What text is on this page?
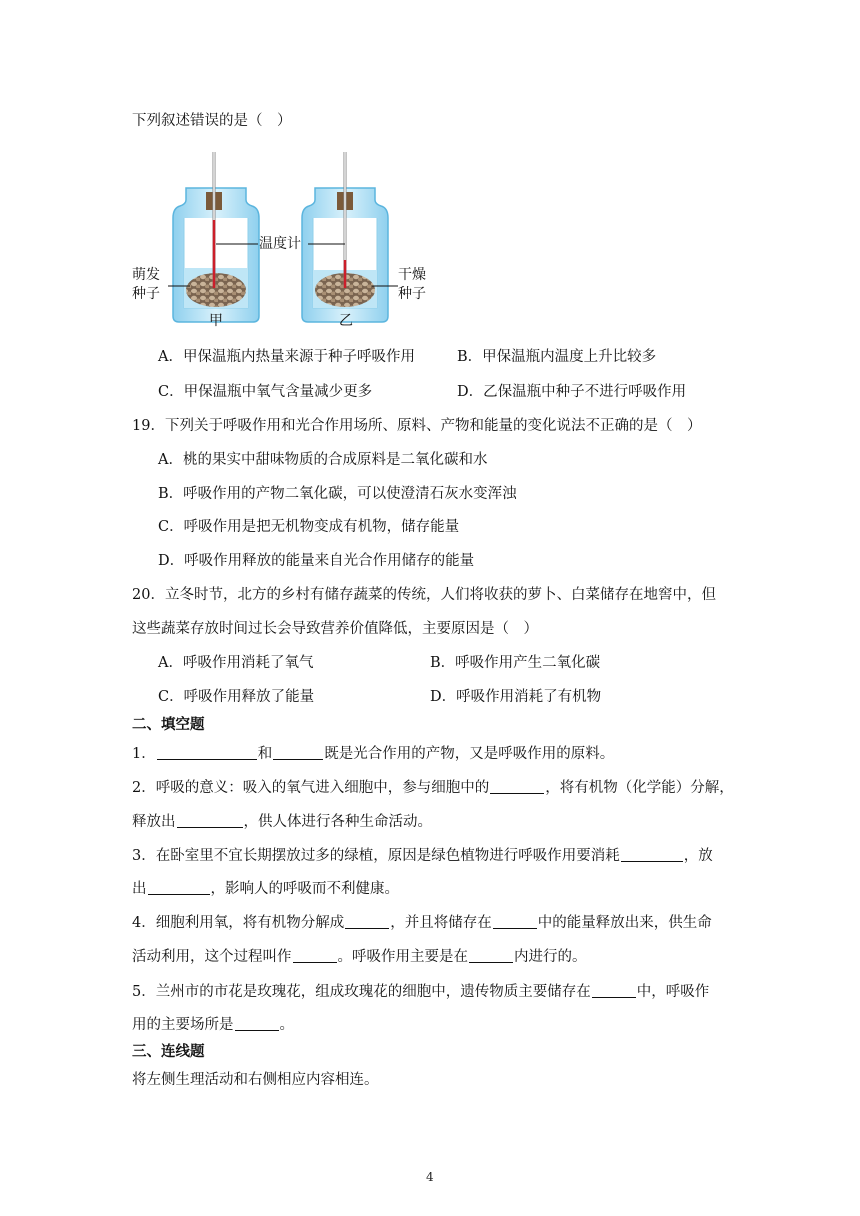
下列叙述错误的是（　）
温度计
萌发
种子
干燥
种子
甲	乙
A．甲保温瓶内热量来源于种子呼吸作用	B．甲保温瓶内温度上升比较多
C．甲保温瓶中氧气含量减少更多	D．乙保温瓶中种子不进行呼吸作用
19．下列关于呼吸作用和光合作用场所、原料、产物和能量的变化说法不正确的是（　）
A．桃的果实中甜味物质的合成原料是二氧化碳和水
B．呼吸作用的产物二氧化碳，可以使澄清石灰水变浑浊
C．呼吸作用是把无机物变成有机物，储存能量
D．呼吸作用释放的能量来自光合作用储存的能量
20．立冬时节，北方的乡村有储存蔬菜的传统，人们将收获的萝卜、白菜储存在地窖中，但
这些蔬菜存放时间过长会导致营养价值降低，主要原因是（　）
A．呼吸作用消耗了氧气	B．呼吸作用产生二氧化碳
C．呼吸作用释放了能量	D．呼吸作用消耗了有机物
二、填空题
1．	和	既是光合作用的产物，又是呼吸作用的原料。
2．呼吸的意义：吸入的氧气进入细胞中，参与细胞中的	，将有机物（化学能）分解，
释放出	，供人体进行各种生命活动。
3．在卧室里不宜长期摆放过多的绿植，原因是绿色植物进行呼吸作用要消耗	，放
出	，影响人的呼吸而不利健康。
4．细胞利用氧，将有机物分解成	，并且将储存在	中的能量释放出来，供生命
活动利用，这个过程叫作	。呼吸作用主要是在	内进行的。
5．兰州市的市花是玫瑰花，组成玫瑰花的细胞中，遗传物质主要储存在	中，呼吸作
用的主要场所是	。
三、连线题
将左侧生理活动和右侧相应内容相连。
4
